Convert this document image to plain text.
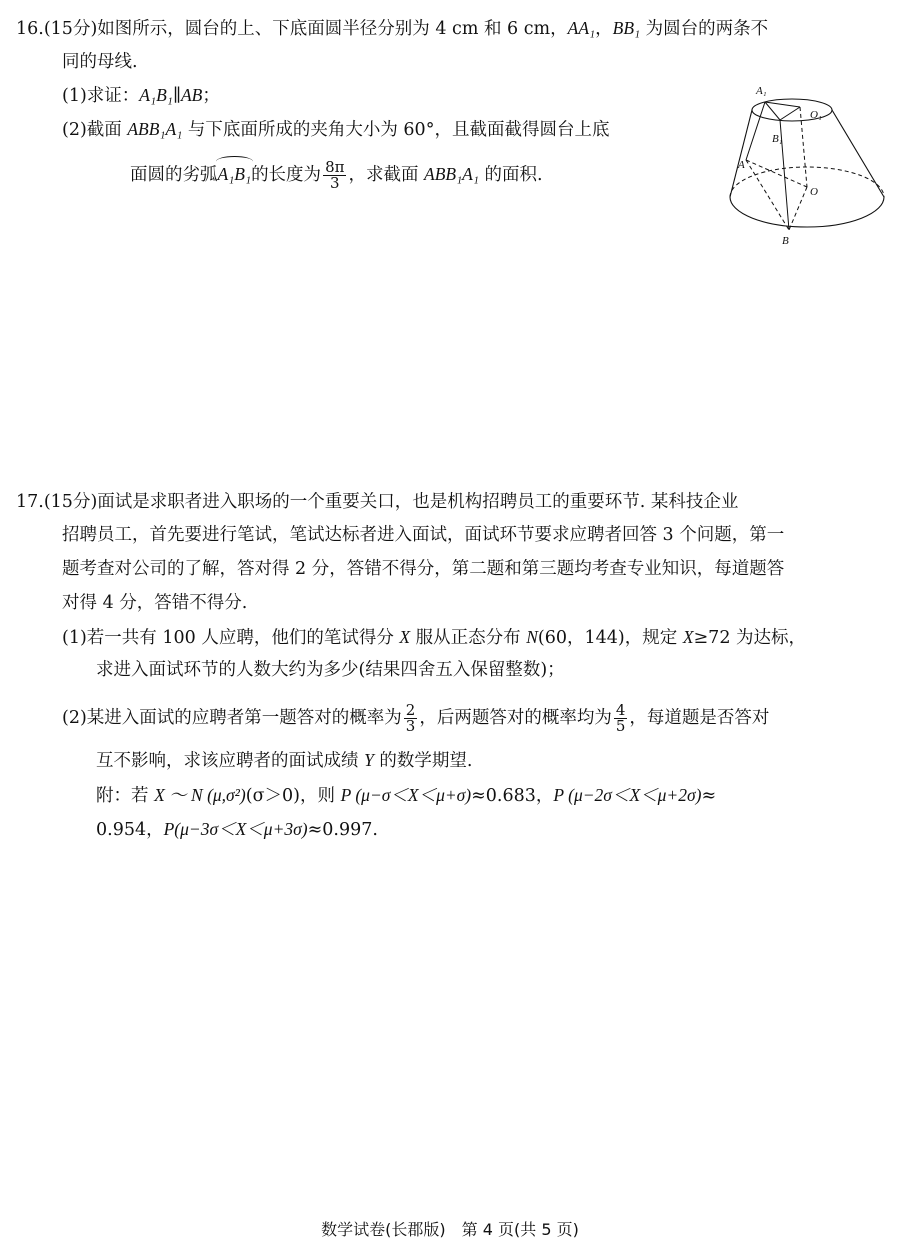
16.(15分)如图所示，圆台的上、下底面圆半径分别为 4 cm 和 6 cm，AA₁，BB₁ 为圆台的两条不
同的母线.
(1)求证：A₁B₁∥AB；
(2)截面 ABB₁A₁ 与下底面所成的夹角大小为 60°，且截面截得圆台上底
面圆的劣弧A₁B₁的长度为 $\frac{8\pi}{3}$ ，求截面 ABB₁A₁ 的面积.
A₁
O₁
B₁
A
O
B
17.(15分)面试是求职者进入职场的一个重要关口，也是机构招聘员工的重要环节. 某科技企业
招聘员工，首先要进行笔试，笔试达标者进入面试，面试环节要求应聘者回答 3 个问题，第一
题考查对公司的了解，答对得 2 分，答错不得分，第二题和第三题均考查专业知识，每道题答
对得 4 分，答错不得分.
(1)若一共有 100 人应聘，他们的笔试得分 X 服从正态分布 N(60，144)，规定 X≥72 为达标，
求进入面试环节的人数大约为多少(结果四舍五入保留整数)；
(2)某进入面试的应聘者第一题答对的概率为 $\frac{2}{3}$ ，后两题答对的概率均为 $\frac{4}{5}$ ，每道题是否答对
互不影响，求该应聘者的面试成绩 Y 的数学期望.
附：若 X ～ N (μ,σ²)(σ＞0)，则 P (μ−σ＜X＜μ+σ)≈0.683，P (μ−2σ＜X＜μ+2σ)≈
0.954，P(μ−3σ＜X＜μ+3σ)≈0.997.
数学试卷(长郡版)　第 4 页(共 5 页)
